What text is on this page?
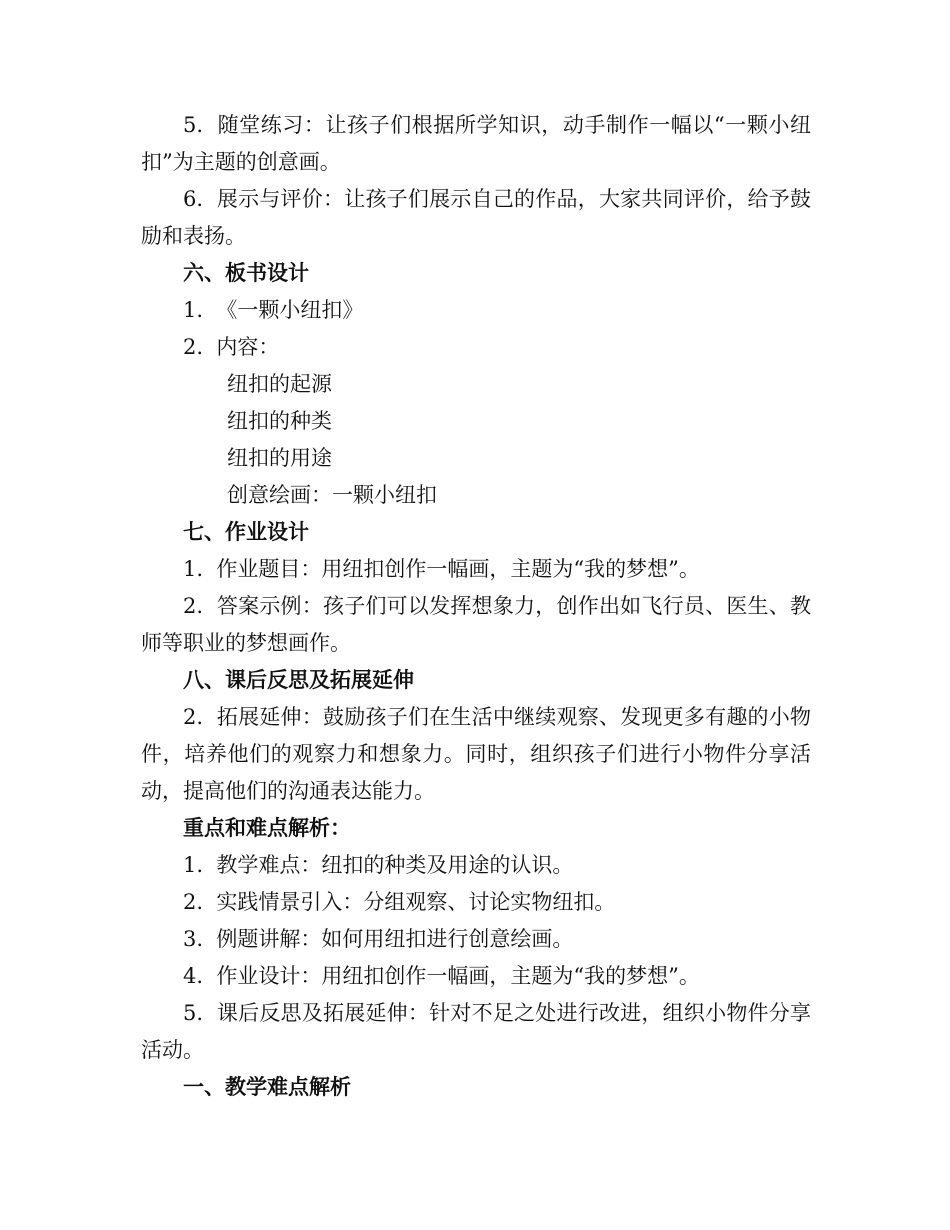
5. 随堂练习：让孩子们根据所学知识，动手制作一幅以“一颗小纽扣”为主题的创意画。

6. 展示与评价：让孩子们展示自己的作品，大家共同评价，给予鼓励和表扬。

六、板书设计

1. 《一颗小纽扣》

2. 内容：

纽扣的起源

纽扣的种类

纽扣的用途

创意绘画：一颗小纽扣

七、作业设计

1. 作业题目：用纽扣创作一幅画，主题为“我的梦想”。

2. 答案示例：孩子们可以发挥想象力，创作出如飞行员、医生、教师等职业的梦想画作。

八、课后反思及拓展延伸

2. 拓展延伸：鼓励孩子们在生活中继续观察、发现更多有趣的小物件，培养他们的观察力和想象力。同时，组织孩子们进行小物件分享活动，提高他们的沟通表达能力。

重点和难点解析：

1. 教学难点：纽扣的种类及用途的认识。

2. 实践情景引入：分组观察、讨论实物纽扣。

3. 例题讲解：如何用纽扣进行创意绘画。

4. 作业设计：用纽扣创作一幅画，主题为“我的梦想”。

5. 课后反思及拓展延伸：针对不足之处进行改进，组织小物件分享活动。

一、教学难点解析
